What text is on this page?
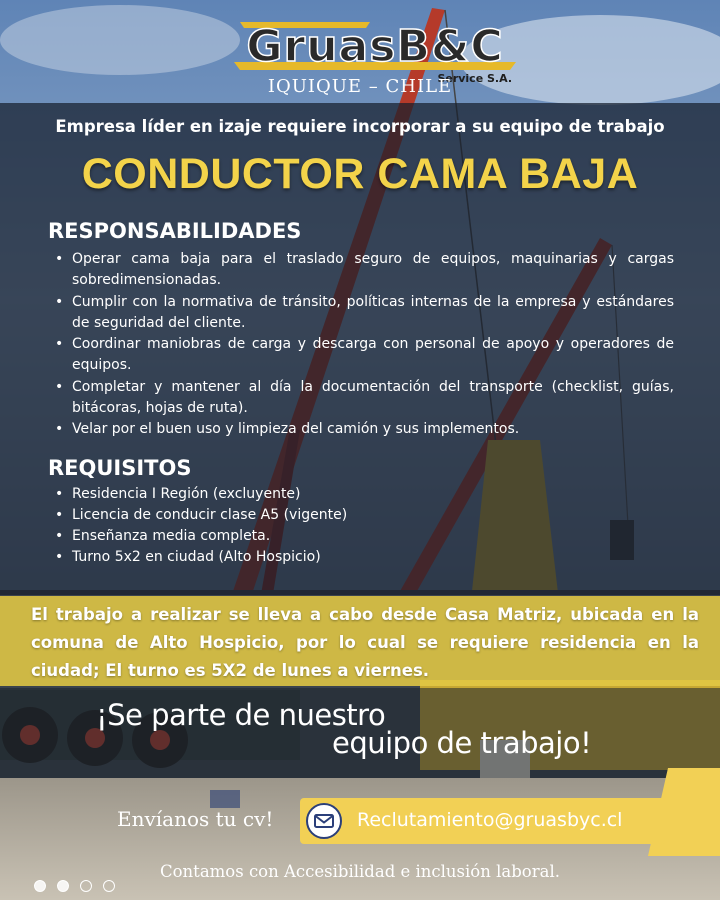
GruasB&C
Service S.A.
IQUIQUE – CHILE
Empresa líder en izaje requiere incorporar a su equipo de trabajo
CONDUCTOR CAMA BAJA
RESPONSABILIDADES
• Operar cama baja para el traslado seguro de equipos, maquinarias y cargas sobredimensionadas.
• Cumplir con la normativa de tránsito, políticas internas de la empresa y estándares de seguridad del cliente.
• Coordinar maniobras de carga y descarga con personal de apoyo y operadores de equipos.
• Completar y mantener al día la documentación del transporte (checklist, guías, bitácoras, hojas de ruta).
• Velar por el buen uso y limpieza del camión y sus implementos.
REQUISITOS
• Residencia I Región (excluyente)
• Licencia de conducir clase A5 (vigente)
• Enseñanza media completa.
• Turno 5x2 en ciudad (Alto Hospicio)
El trabajo a realizar se lleva a cabo desde Casa Matriz, ubicada en la comuna de Alto Hospicio, por lo cual se requiere residencia en la ciudad; El turno es 5X2 de lunes a viernes.
¡Se parte de nuestro
equipo de trabajo!
Envíanos tu cv!	Reclutamiento@gruasbyc.cl
Contamos con Accesibilidad e inclusión laboral.
